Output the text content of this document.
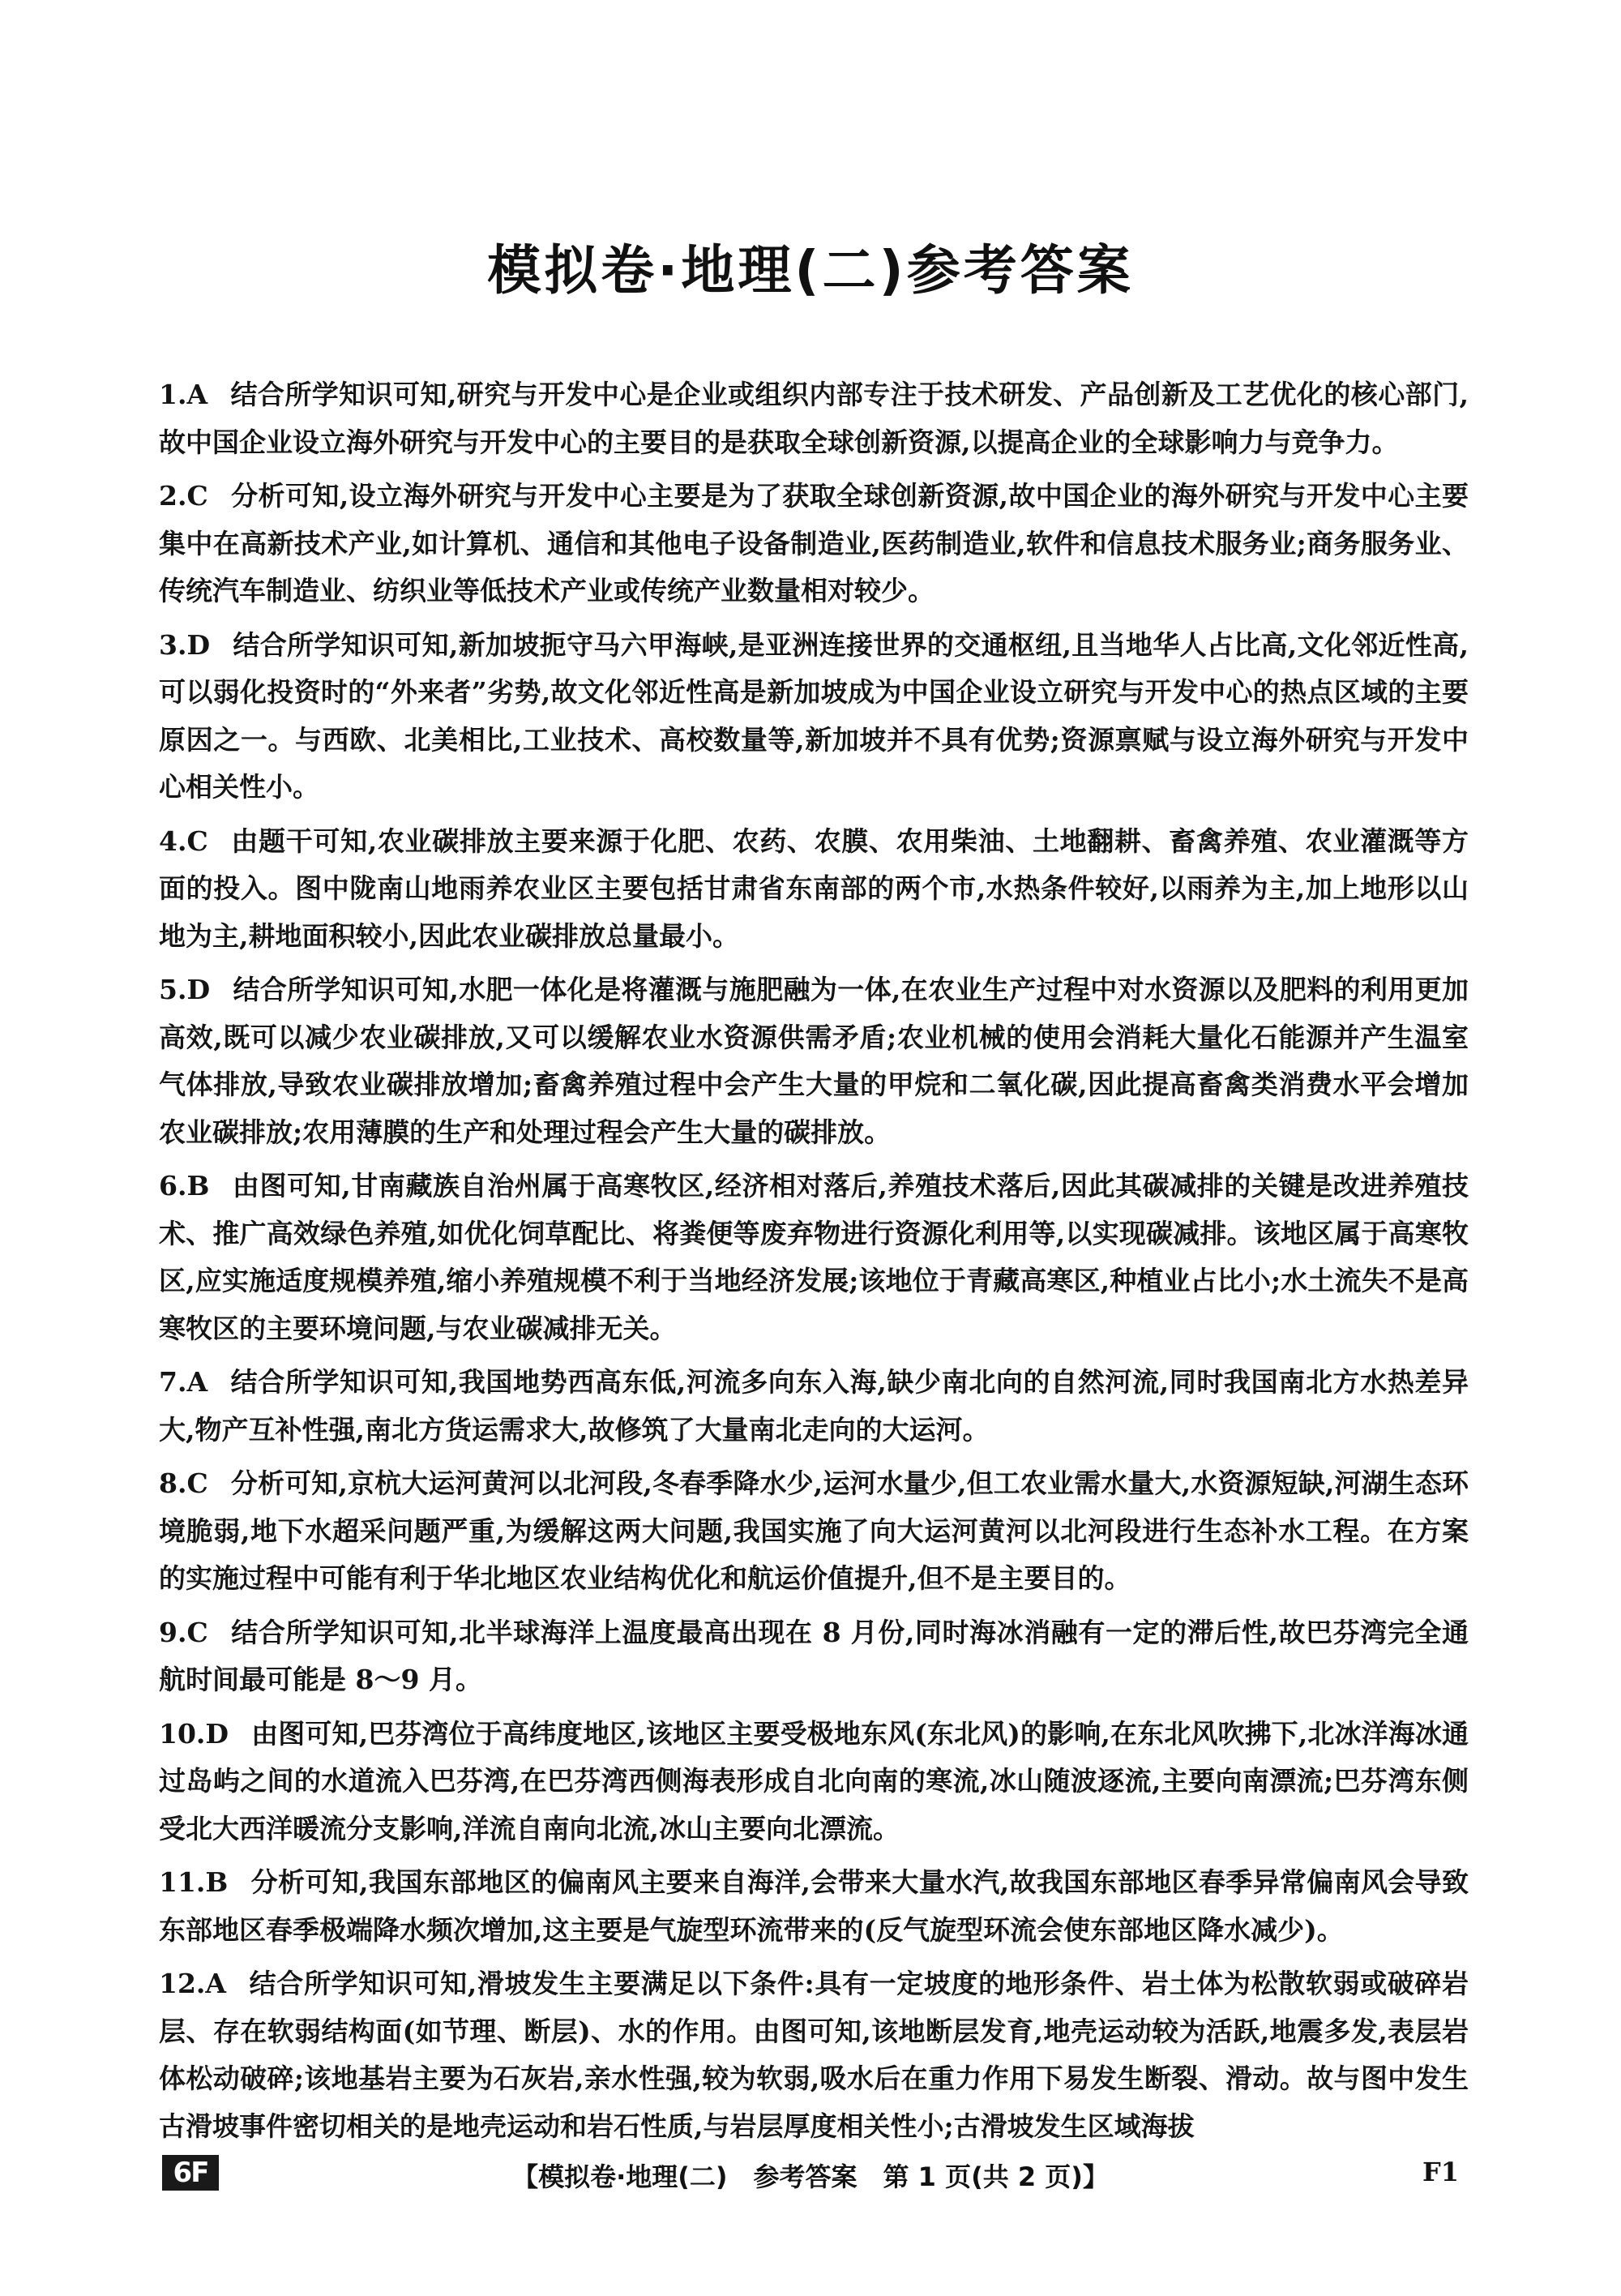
模拟卷·地理(二)参考答案
1.A 结合所学知识可知,研究与开发中心是企业或组织内部专注于技术研发、产品创新及工艺优化的核心部门,故中国企业设立海外研究与开发中心的主要目的是获取全球创新资源,以提高企业的全球影响力与竞争力。
2.C 分析可知,设立海外研究与开发中心主要是为了获取全球创新资源,故中国企业的海外研究与开发中心主要集中在高新技术产业,如计算机、通信和其他电子设备制造业,医药制造业,软件和信息技术服务业;商务服务业、传统汽车制造业、纺织业等低技术产业或传统产业数量相对较少。
3.D 结合所学知识可知,新加坡扼守马六甲海峡,是亚洲连接世界的交通枢纽,且当地华人占比高,文化邻近性高,可以弱化投资时的“外来者”劣势,故文化邻近性高是新加坡成为中国企业设立研究与开发中心的热点区域的主要原因之一。与西欧、北美相比,工业技术、高校数量等,新加坡并不具有优势;资源禀赋与设立海外研究与开发中心相关性小。
4.C 由题干可知,农业碳排放主要来源于化肥、农药、农膜、农用柴油、土地翻耕、畜禽养殖、农业灌溉等方面的投入。图中陇南山地雨养农业区主要包括甘肃省东南部的两个市,水热条件较好,以雨养为主,加上地形以山地为主,耕地面积较小,因此农业碳排放总量最小。
5.D 结合所学知识可知,水肥一体化是将灌溉与施肥融为一体,在农业生产过程中对水资源以及肥料的利用更加高效,既可以减少农业碳排放,又可以缓解农业水资源供需矛盾;农业机械的使用会消耗大量化石能源并产生温室气体排放,导致农业碳排放增加;畜禽养殖过程中会产生大量的甲烷和二氧化碳,因此提高畜禽类消费水平会增加农业碳排放;农用薄膜的生产和处理过程会产生大量的碳排放。
6.B 由图可知,甘南藏族自治州属于高寒牧区,经济相对落后,养殖技术落后,因此其碳减排的关键是改进养殖技术、推广高效绿色养殖,如优化饲草配比、将粪便等废弃物进行资源化利用等,以实现碳减排。该地区属于高寒牧区,应实施适度规模养殖,缩小养殖规模不利于当地经济发展;该地位于青藏高寒区,种植业占比小;水土流失不是高寒牧区的主要环境问题,与农业碳减排无关。
7.A 结合所学知识可知,我国地势西高东低,河流多向东入海,缺少南北向的自然河流,同时我国南北方水热差异大,物产互补性强,南北方货运需求大,故修筑了大量南北走向的大运河。
8.C 分析可知,京杭大运河黄河以北河段,冬春季降水少,运河水量少,但工农业需水量大,水资源短缺,河湖生态环境脆弱,地下水超采问题严重,为缓解这两大问题,我国实施了向大运河黄河以北河段进行生态补水工程。在方案的实施过程中可能有利于华北地区农业结构优化和航运价值提升,但不是主要目的。
9.C 结合所学知识可知,北半球海洋上温度最高出现在 8 月份,同时海冰消融有一定的滞后性,故巴芬湾完全通航时间最可能是 8～9 月。
10.D 由图可知,巴芬湾位于高纬度地区,该地区主要受极地东风(东北风)的影响,在东北风吹拂下,北冰洋海冰通过岛屿之间的水道流入巴芬湾,在巴芬湾西侧海表形成自北向南的寒流,冰山随波逐流,主要向南漂流;巴芬湾东侧受北大西洋暖流分支影响,洋流自南向北流,冰山主要向北漂流。
11.B 分析可知,我国东部地区的偏南风主要来自海洋,会带来大量水汽,故我国东部地区春季异常偏南风会导致东部地区春季极端降水频次增加,这主要是气旋型环流带来的(反气旋型环流会使东部地区降水减少)。
12.A 结合所学知识可知,滑坡发生主要满足以下条件:具有一定坡度的地形条件、岩土体为松散软弱或破碎岩层、存在软弱结构面(如节理、断层)、水的作用。由图可知,该地断层发育,地壳运动较为活跃,地震多发,表层岩体松动破碎;该地基岩主要为石灰岩,亲水性强,较为软弱,吸水后在重力作用下易发生断裂、滑动。故与图中发生古滑坡事件密切相关的是地壳运动和岩石性质,与岩层厚度相关性小;古滑坡发生区域海拔
6F	【模拟卷·地理(二)　参考答案　第 1 页(共 2 页)】	F1
